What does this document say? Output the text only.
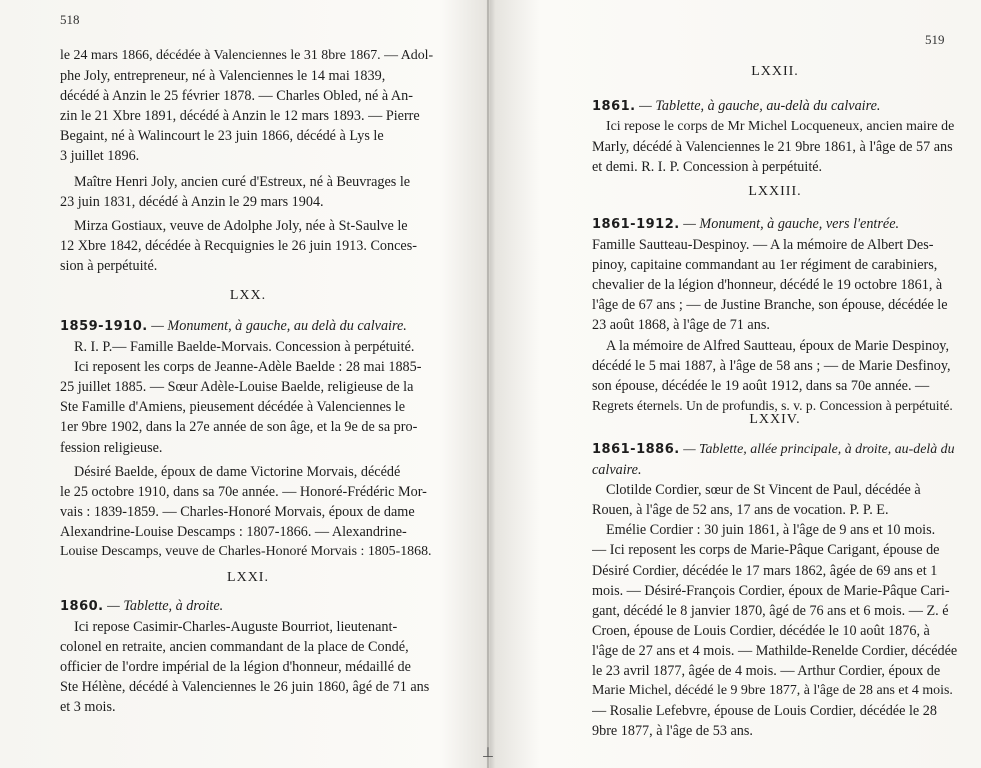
⊥
518
le 24 mars 1866, décédée à Valenciennes le 31 8bre 1867. — Adol-
phe Joly, entrepreneur, né à Valenciennes le 14 mai 1839,
décédé à Anzin le 25 février 1878. — Charles Obled, né à An-
zin le 21 Xbre 1891, décédé à Anzin le 12 mars 1893. — Pierre
Begaint, né à Walincourt le 23 juin 1866, décédé à Lys le
3 juillet 1896.
Maître Henri Joly, ancien curé d'Estreux, né à Beuvrages le
23 juin 1831, décédé à Anzin le 29 mars 1904.
Mirza Gostiaux, veuve de Adolphe Joly, née à St-Saulve le
12 Xbre 1842, décédée à Recquignies le 26 juin 1913. Conces-
sion à perpétuité.
LXX.
1859-1910. — Monument, à gauche, au delà du calvaire.
R. I. P.— Famille Baelde-Morvais. Concession à perpétuité.
Ici reposent les corps de Jeanne-Adèle Baelde : 28 mai 1885-
25 juillet 1885. — Sœur Adèle-Louise Baelde, religieuse de la
Ste Famille d'Amiens, pieusement décédée à Valenciennes le
1er 9bre 1902, dans la 27e année de son âge, et la 9e de sa pro-
fession religieuse.
Désiré Baelde, époux de dame Victorine Morvais, décédé
le 25 octobre 1910, dans sa 70e année. — Honoré-Frédéric Mor-
vais : 1839-1859. — Charles-Honoré Morvais, époux de dame
Alexandrine-Louise Descamps : 1807-1866. — Alexandrine-
Louise Descamps, veuve de Charles-Honoré Morvais : 1805-1868.
LXXI.
1860. — Tablette, à droite.
Ici repose Casimir-Charles-Auguste Bourriot, lieutenant-
colonel en retraite, ancien commandant de la place de Condé,
officier de l'ordre impérial de la légion d'honneur, médaillé de
Ste Hélène, décédé à Valenciennes le 26 juin 1860, âgé de 71 ans
et 3 mois.
519
LXXII.
1861. — Tablette, à gauche, au-delà du calvaire.
Ici repose le corps de Mr Michel Locqueneux, ancien maire de
Marly, décédé à Valenciennes le 21 9bre 1861, à l'âge de 57 ans
et demi. R. I. P. Concession à perpétuité.
LXXIII.
1861-1912. — Monument, à gauche, vers l'entrée.
Famille Sautteau-Despinoy. — A la mémoire de Albert Des-
pinoy, capitaine commandant au 1er régiment de carabiniers,
chevalier de la légion d'honneur, décédé le 19 octobre 1861, à
l'âge de 67 ans ; — de Justine Branche, son épouse, décédée le
23 août 1868, à l'âge de 71 ans.
A la mémoire de Alfred Sautteau, époux de Marie Despinoy,
décédé le 5 mai 1887, à l'âge de 58 ans ; — de Marie Desfinoy,
son épouse, décédée le 19 août 1912, dans sa 70e année. —
Regrets éternels. Un de profundis, s. v. p. Concession à perpétuité.
LXXIV.
1861-1886. — Tablette, allée principale, à droite, au-delà du
calvaire.
Clotilde Cordier, sœur de St Vincent de Paul, décédée à
Rouen, à l'âge de 52 ans, 17 ans de vocation. P. P. E.
Emélie Cordier : 30 juin 1861, à l'âge de 9 ans et 10 mois.
— Ici reposent les corps de Marie-Pâque Carigant, épouse de
Désiré Cordier, décédée le 17 mars 1862, âgée de 69 ans et 1
mois. — Désiré-François Cordier, époux de Marie-Pâque Cari-
gant, décédé le 8 janvier 1870, âgé de 76 ans et 6 mois. — Z. é
Croen, épouse de Louis Cordier, décédée le 10 août 1876, à
l'âge de 27 ans et 4 mois. — Mathilde-Renelde Cordier, décédée
le 23 avril 1877, âgée de 4 mois. — Arthur Cordier, époux de
Marie Michel, décédé le 9 9bre 1877, à l'âge de 28 ans et 4 mois.
— Rosalie Lefebvre, épouse de Louis Cordier, décédée le 28
9bre 1877, à l'âge de 53 ans.
